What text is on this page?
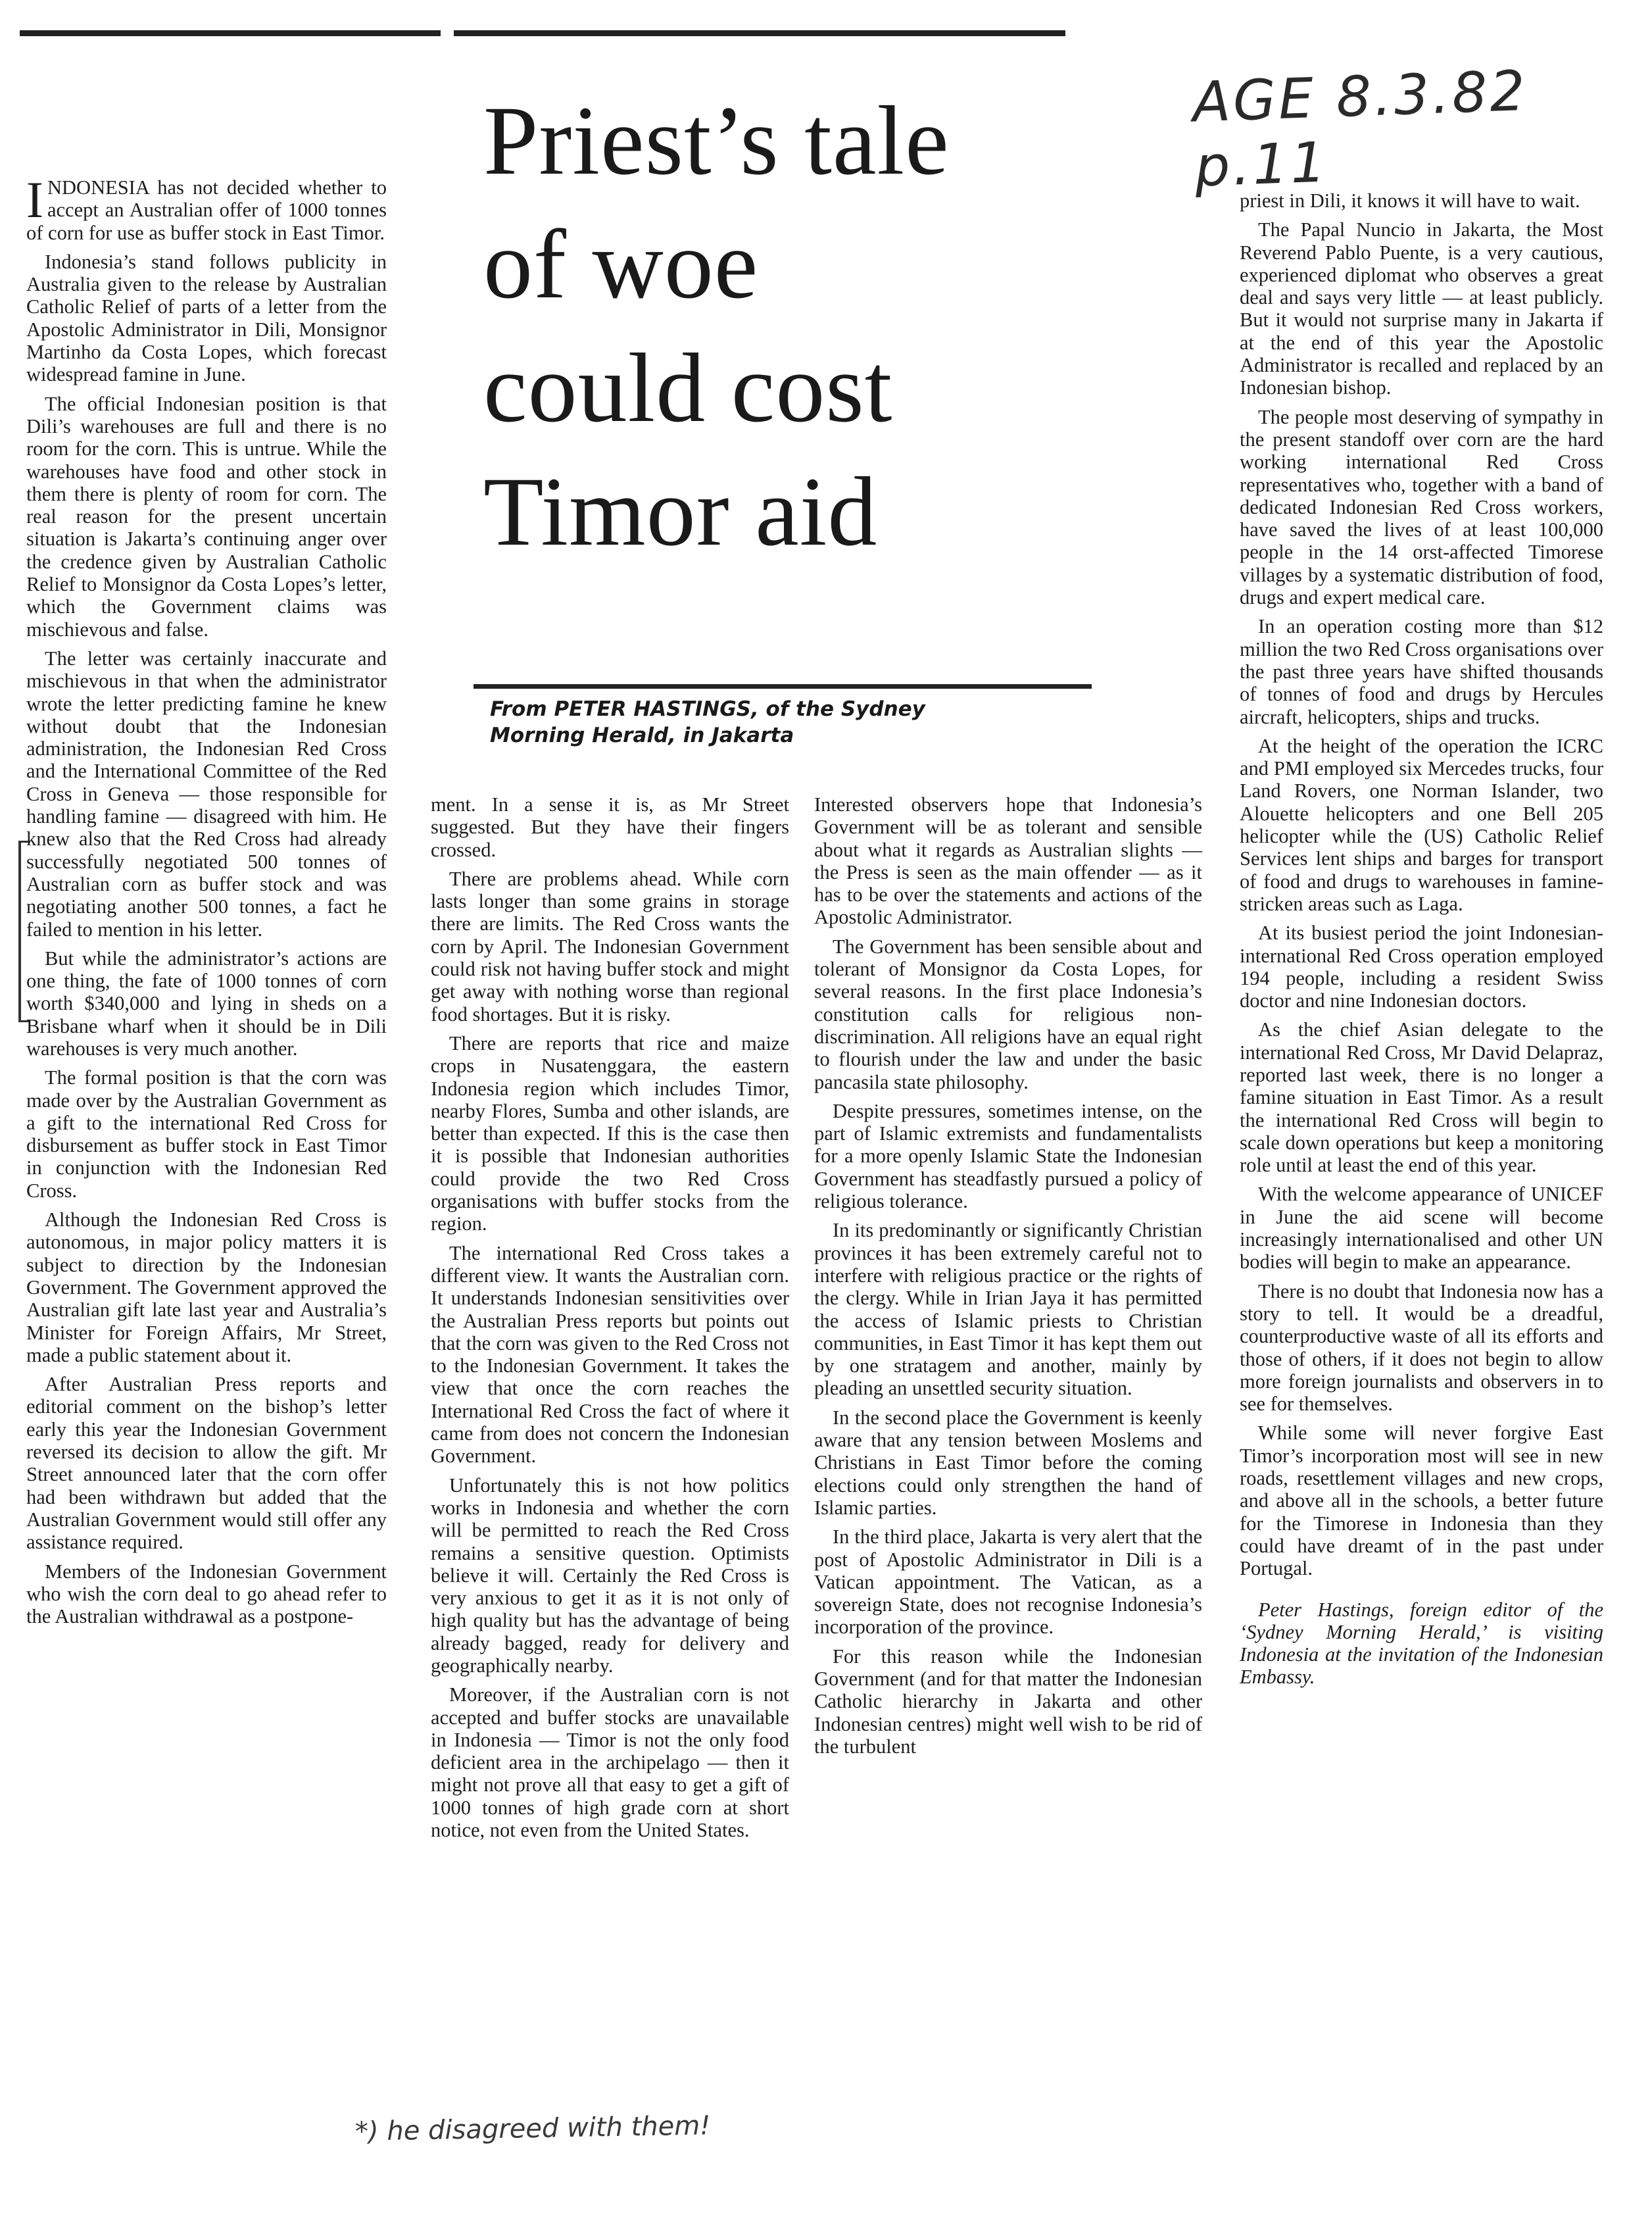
AGE 8.3.82 p.11
Priest’s tale
of woe
could cost
Timor aid
From PETER HASTINGS, of the Sydney
Morning Herald, in Jakarta

INDONESIA has not decided whether to accept an Australian offer of 1000 tonnes of corn for use as buffer stock in East Timor.

Indonesia’s stand follows publicity in Australia given to the release by Australian Catholic Relief of parts of a letter from the Apostolic Administrator in Dili, Monsignor Martinho da Costa Lopes, which forecast widespread famine in June.

The official Indonesian position is that Dili’s warehouses are full and there is no room for the corn. This is untrue. While the warehouses have food and other stock in them there is plenty of room for corn. The real reason for the present uncertain situation is Jakarta’s continuing anger over the credence given by Australian Catholic Relief to Monsignor da Costa Lopes’s letter, which the Government claims was mischievous and false.

The letter was certainly inaccurate and mischievous in that when the administrator wrote the letter predicting famine he knew without doubt that the Indonesian administration, the Indonesian Red Cross and the International Committee of the Red Cross in Geneva — those responsible for handling famine — disagreed with him. He knew also that the Red Cross had already successfully negotiated 500 tonnes of Australian corn as buffer stock and was negotiating another 500 tonnes, a fact he failed to mention in his letter.

But while the administrator’s actions are one thing, the fate of 1000 tonnes of corn worth $340,000 and lying in sheds on a Brisbane wharf when it should be in Dili warehouses is very much another.

The formal position is that the corn was made over by the Australian Government as a gift to the international Red Cross for disbursement as buffer stock in East Timor in conjunction with the Indonesian Red Cross.

Although the Indonesian Red Cross is autonomous, in major policy matters it is subject to direction by the Indonesian Government. The Government approved the Australian gift late last year and Australia’s Minister for Foreign Affairs, Mr Street, made a public statement about it.

After Australian Press reports and editorial comment on the bishop’s letter early this year the Indonesian Government reversed its decision to allow the gift. Mr Street announced later that the corn offer had been withdrawn but added that the Australian Government would still offer any assistance required.

Members of the Indonesian Government who wish the corn deal to go ahead refer to the Australian withdrawal as a postpone-

ment. In a sense it is, as Mr Street suggested. But they have their fingers crossed.

There are problems ahead. While corn lasts longer than some grains in storage there are limits. The Red Cross wants the corn by April. The Indonesian Government could risk not having buffer stock and might get away with nothing worse than regional food shortages. But it is risky.

There are reports that rice and maize crops in Nusatenggara, the eastern Indonesia region which includes Timor, nearby Flores, Sumba and other islands, are better than expected. If this is the case then it is possible that Indonesian authorities could provide the two Red Cross organisations with buffer stocks from the region.

The international Red Cross takes a different view. It wants the Australian corn. It understands Indonesian sensitivities over the Australian Press reports but points out that the corn was given to the Red Cross not to the Indonesian Government. It takes the view that once the corn reaches the International Red Cross the fact of where it came from does not concern the Indonesian Government.

Unfortunately this is not how politics works in Indonesia and whether the corn will be permitted to reach the Red Cross remains a sensitive question. Optimists believe it will. Certainly the Red Cross is very anxious to get it as it is not only of high quality but has the advantage of being already bagged, ready for delivery and geographically nearby.

Moreover, if the Australian corn is not accepted and buffer stocks are unavailable in Indonesia — Timor is not the only food deficient area in the archipelago — then it might not prove all that easy to get a gift of 1000 tonnes of high grade corn at short notice, not even from the United States.

Interested observers hope that Indonesia’s Government will be as tolerant and sensible about what it regards as Australian slights — the Press is seen as the main offender — as it has to be over the statements and actions of the Apostolic Administrator.

The Government has been sensible about and tolerant of Monsignor da Costa Lopes, for several reasons. In the first place Indonesia’s constitution calls for religious non-discrimination. All religions have an equal right to flourish under the law and under the basic pancasila state philosophy.

Despite pressures, sometimes intense, on the part of Islamic extremists and fundamentalists for a more openly Islamic State the Indonesian Government has steadfastly pursued a policy of religious tolerance.

In its predominantly or significantly Christian provinces it has been extremely careful not to interfere with religious practice or the rights of the clergy. While in Irian Jaya it has permitted the access of Islamic priests to Christian communities, in East Timor it has kept them out by one stratagem and another, mainly by pleading an unsettled security situation.

In the second place the Government is keenly aware that any tension between Moslems and Christians in East Timor before the coming elections could only strengthen the hand of Islamic parties.

In the third place, Jakarta is very alert that the post of Apostolic Administrator in Dili is a Vatican appointment. The Vatican, as a sovereign State, does not recognise Indonesia’s incorporation of the province.

For this reason while the Indonesian Government (and for that matter the Indonesian Catholic hierarchy in Jakarta and other Indonesian centres) might well wish to be rid of the turbulent

priest in Dili, it knows it will have to wait.

The Papal Nuncio in Jakarta, the Most Reverend Pablo Puente, is a very cautious, experienced diplomat who observes a great deal and says very little — at least publicly. But it would not surprise many in Jakarta if at the end of this year the Apostolic Administrator is recalled and replaced by an Indonesian bishop.

The people most deserving of sympathy in the present standoff over corn are the hard working international Red Cross representatives who, together with a band of dedicated Indonesian Red Cross workers, have saved the lives of at least 100,000 people in the 14 orst-affected Timorese villages by a systematic distribution of food, drugs and expert medical care.

In an operation costing more than $12 million the two Red Cross organisations over the past three years have shifted thousands of tonnes of food and drugs by Hercules aircraft, helicopters, ships and trucks.

At the height of the operation the ICRC and PMI employed six Mercedes trucks, four Land Rovers, one Norman Islander, two Alouette helicopters and one Bell 205 helicopter while the (US) Catholic Relief Services lent ships and barges for transport of food and drugs to warehouses in famine-stricken areas such as Laga.

At its busiest period the joint Indonesian-international Red Cross operation employed 194 people, including a resident Swiss doctor and nine Indonesian doctors.

As the chief Asian delegate to the international Red Cross, Mr David Delapraz, reported last week, there is no longer a famine situation in East Timor. As a result the international Red Cross will begin to scale down operations but keep a monitoring role until at least the end of this year.

With the welcome appearance of UNICEF in June the aid scene will become increasingly internationalised and other UN bodies will begin to make an appearance.

There is no doubt that Indonesia now has a story to tell. It would be a dreadful, counterproductive waste of all its efforts and those of others, if it does not begin to allow more foreign journalists and observers in to see for themselves.

While some will never forgive East Timor’s incorporation most will see in new roads, resettlement villages and new crops, and above all in the schools, a better future for the Timorese in Indonesia than they could have dreamt of in the past under Portugal.

Peter Hastings, foreign editor of the ‘Sydney Morning Herald,’ is visiting Indonesia at the invitation of the Indonesian Embassy.

*) he disagreed with them!
